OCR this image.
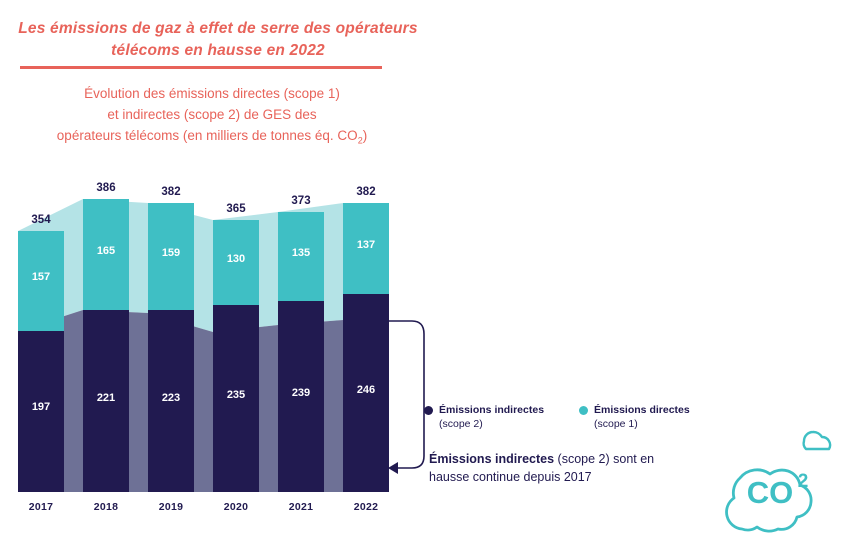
Les émissions de gaz à effet de serre des opérateurs télécoms en hausse en 2022
Évolution des émissions directes (scope 1)
et indirectes (scope 2) de GES des
opérateurs télécoms (en milliers de tonnes éq. $CO_2$)
354
157
197
2017
386
165
221
2018
382
159
223
2019
365
130
235
2020
373
135
239
2021
382
137
246
2022
Émissions indirectes
(scope 2)
Émissions directes
(scope 1)
Émissions indirectes (scope 2) sont en hausse continue depuis 2017	CO 2
